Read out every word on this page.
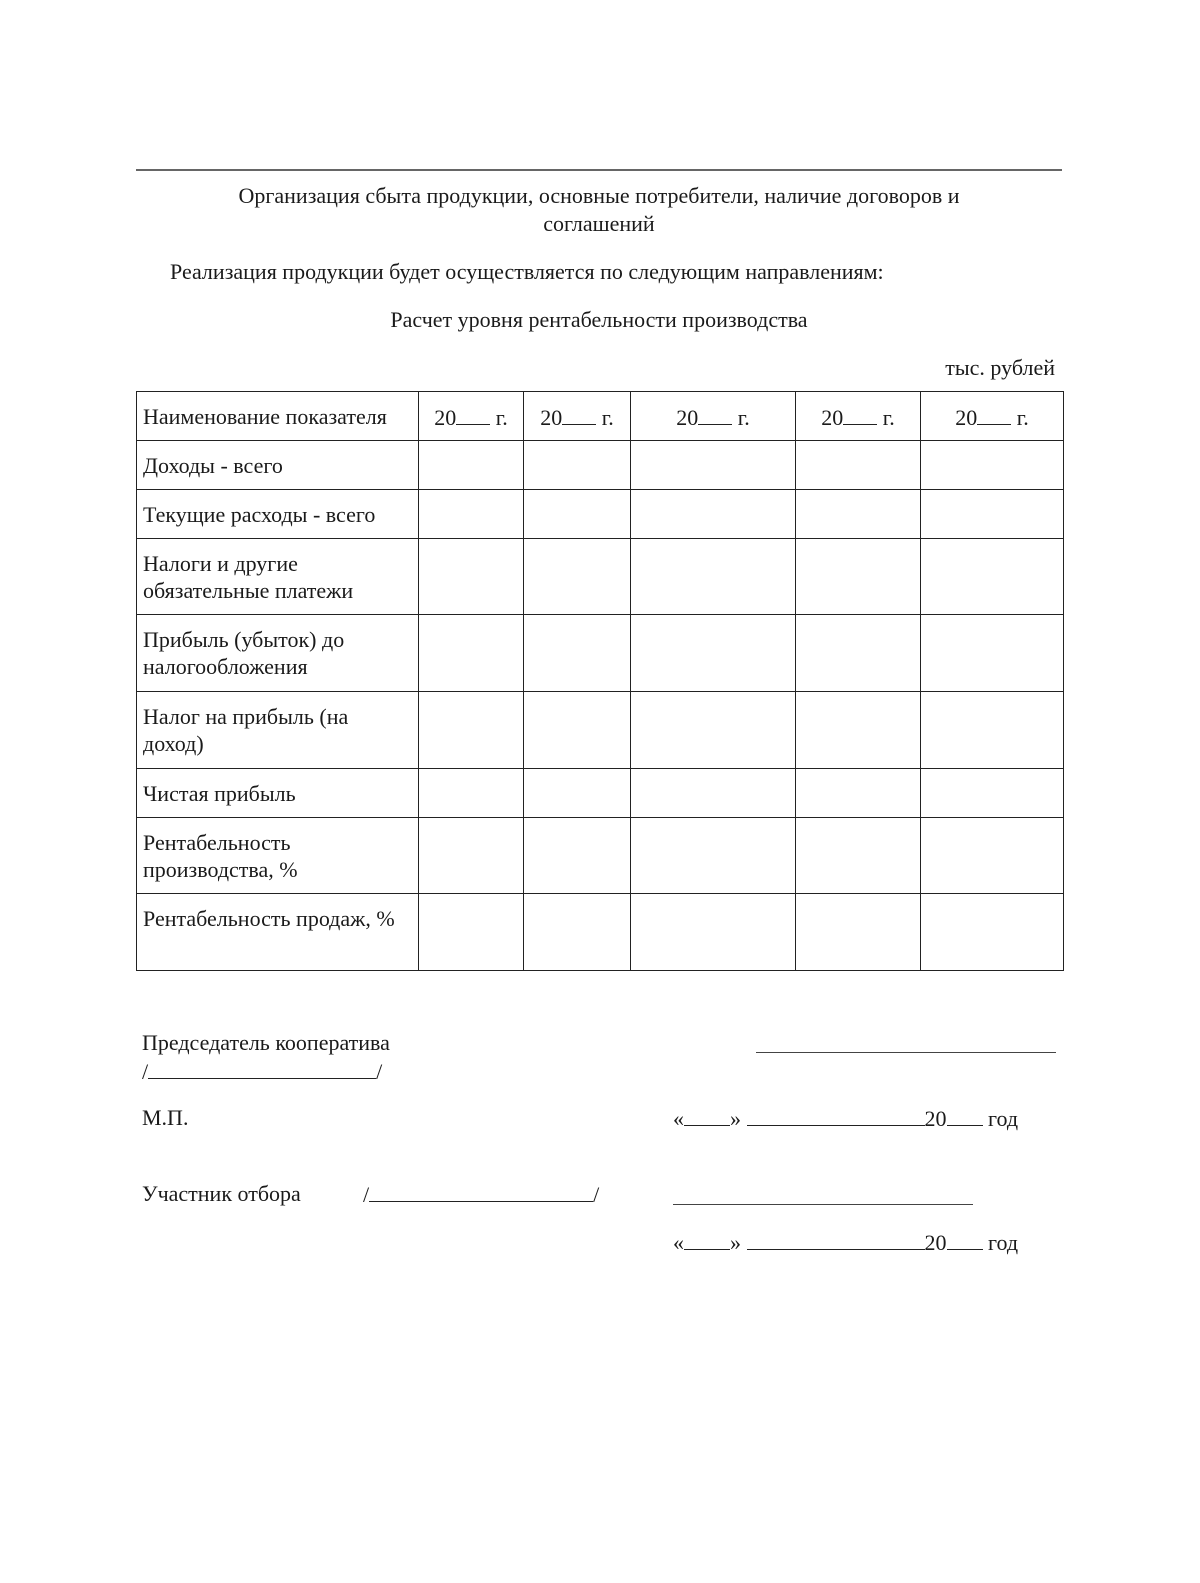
Организация сбыта продукции, основные потребители, наличие договоров и

соглашений

Реализация продукции будет осуществляется по следующим направлениям:
Расчет уровня рентабельности производства
тыс. рублей
Наименование показателя	20 г.	20 г.	20 г.	20 г.	20 г.
Доходы - всего					
Текущие расходы - всего					
Налоги и другие обязательные платежи					
Прибыль (убыток) до налогообложения					
Налог на прибыль (на доход)					
Чистая прибыль					
Рентабельность производства, %					
Рентабельность продаж, %					
Председатель кооператива
/	/
М.П.	« »	20 год
Участник отбора	/	/
« »	20 год
